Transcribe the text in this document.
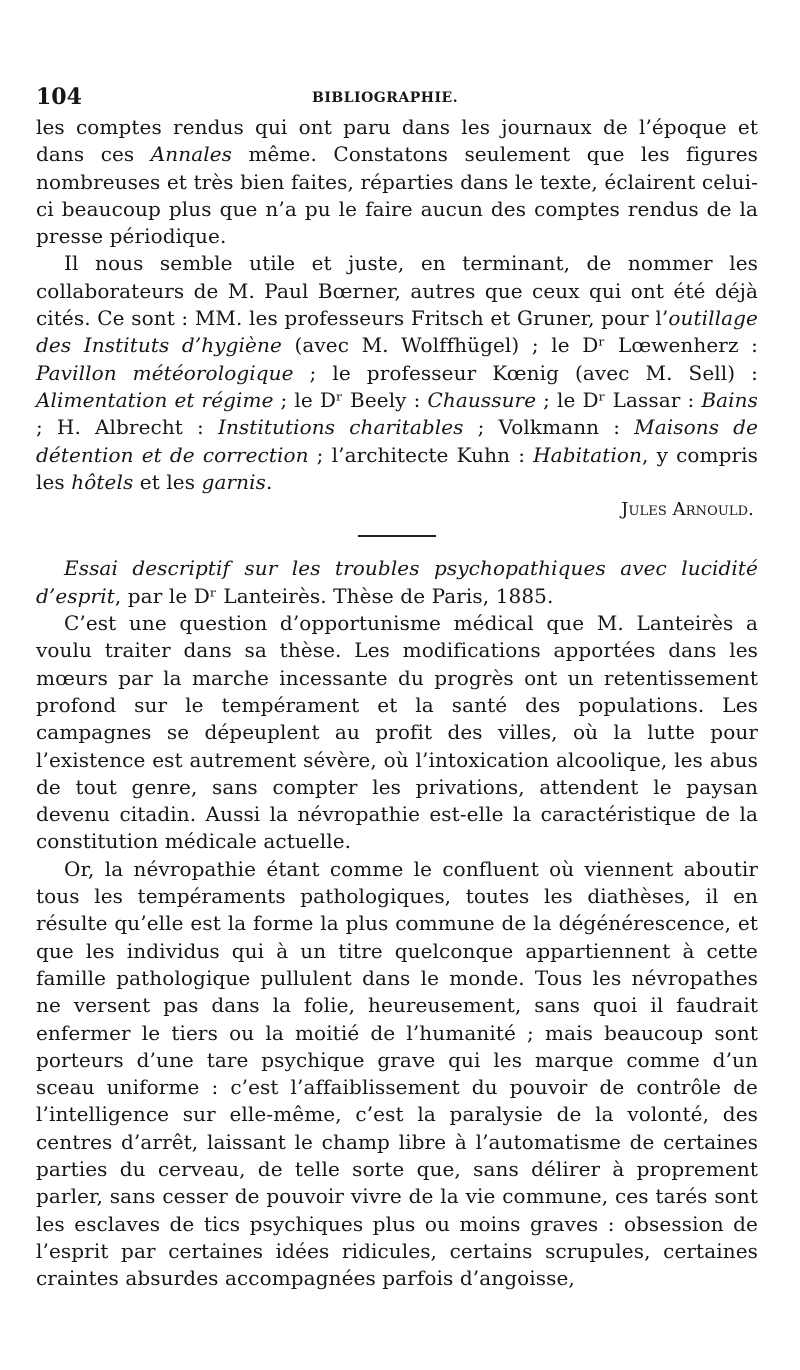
104	BIBLIOGRAPHIE.

les comptes rendus qui ont paru dans les journaux de l’époque et dans ces Annales même. Constatons seulement que les figures nombreuses et très bien faites, réparties dans le texte, éclairent celui-ci beaucoup plus que n’a pu le faire aucun des comptes rendus de la presse périodique.

Il nous semble utile et juste, en terminant, de nommer les collaborateurs de M. Paul Bœrner, autres que ceux qui ont été déjà cités. Ce sont : MM. les professeurs Fritsch et Gruner, pour l’outillage des Instituts d’hygiène (avec M. Wolffhügel) ; le Dʳ Lœwenherz : Pavillon météorologique ; le professeur Kœnig (avec M. Sell) : Alimentation et régime ; le Dʳ Beely : Chaussure ; le Dʳ Lassar : Bains ; H. Albrecht : Institutions charitables ; Volkmann : Maisons de détention et de correction ; l’architecte Kuhn : Habitation, y compris les hôtels et les garnis.

Jules Arnould.

Essai descriptif sur les troubles psychopathiques avec lucidité d’esprit, par le Dʳ Lanteirès. Thèse de Paris, 1885.

C’est une question d’opportunisme médical que M. Lanteirès a voulu traiter dans sa thèse. Les modifications apportées dans les mœurs par la marche incessante du progrès ont un retentissement profond sur le tempérament et la santé des populations. Les campagnes se dépeuplent au profit des villes, où la lutte pour l’existence est autrement sévère, où l’intoxication alcoolique, les abus de tout genre, sans compter les privations, attendent le paysan devenu citadin. Aussi la névropathie est-elle la caractéristique de la constitution médicale actuelle.

Or, la névropathie étant comme le confluent où viennent aboutir tous les tempéraments pathologiques, toutes les diathèses, il en résulte qu’elle est la forme la plus commune de la dégénérescence, et que les individus qui à un titre quelconque appartiennent à cette famille pathologique pullulent dans le monde. Tous les névropathes ne versent pas dans la folie, heureusement, sans quoi il faudrait enfermer le tiers ou la moitié de l’humanité ; mais beaucoup sont porteurs d’une tare psychique grave qui les marque comme d’un sceau uniforme : c’est l’affaiblissement du pouvoir de contrôle de l’intelligence sur elle-même, c’est la paralysie de la volonté, des centres d’arrêt, laissant le champ libre à l’automatisme de certaines parties du cerveau, de telle sorte que, sans délirer à proprement parler, sans cesser de pouvoir vivre de la vie commune, ces tarés sont les esclaves de tics psychiques plus ou moins graves : obsession de l’esprit par certaines idées ridicules, certains scrupules, certaines craintes absurdes accompagnées parfois d’angoisse,
